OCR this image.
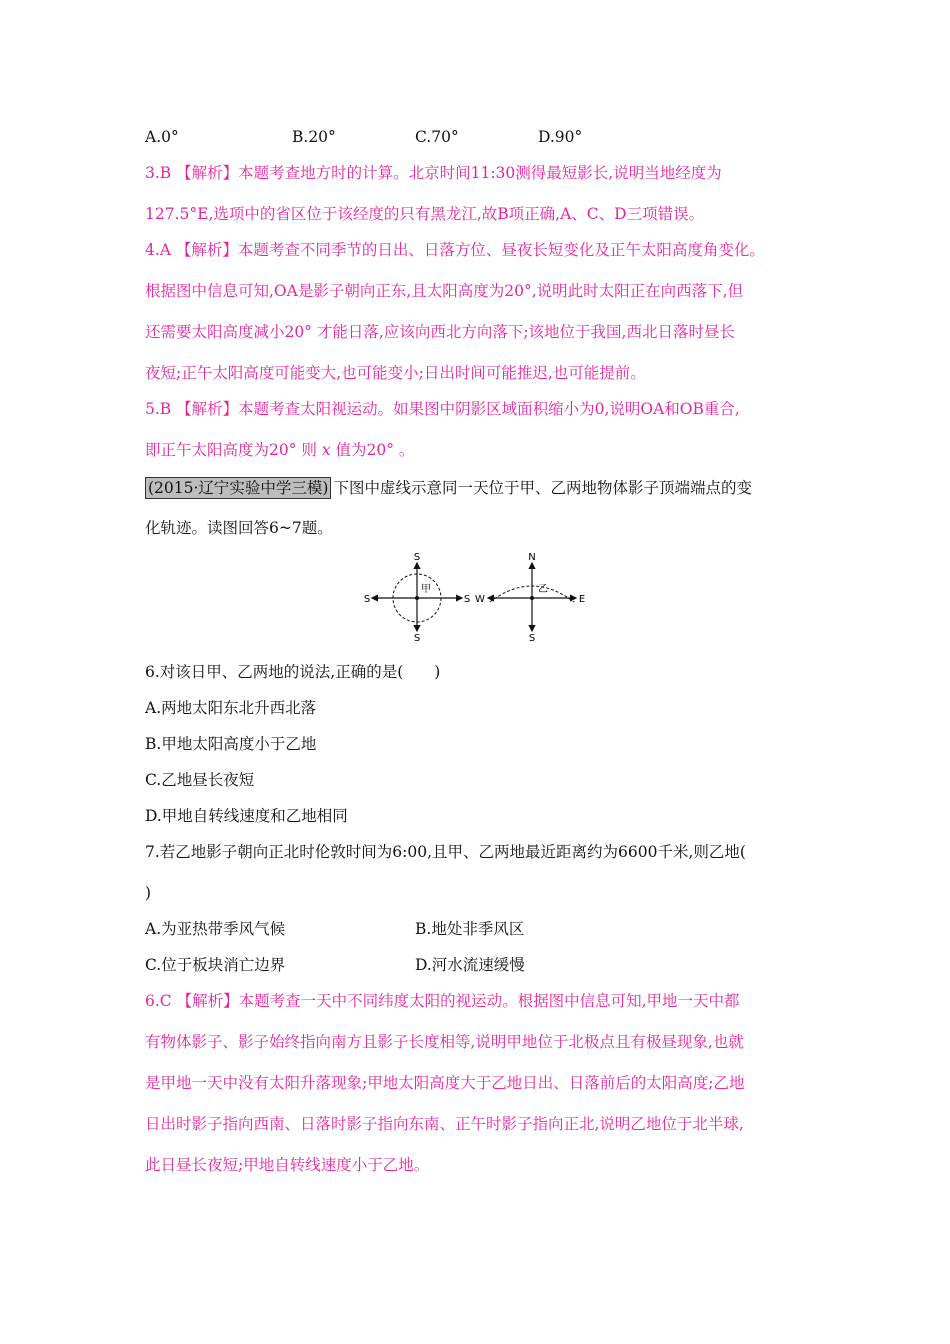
A.0°	B.20°	C.70°	D.90°
3.B 【解析】本题考查地方时的计算。北京时间11:30测得最短影长,说明当地经度为
127.5°E,选项中的省区位于该经度的只有黑龙江,故B项正确,A、C、D三项错误。
4.A 【解析】本题考查不同季节的日出、日落方位、昼夜长短变化及正午太阳高度角变化。
根据图中信息可知,OA是影子朝向正东,且太阳高度为20°,说明此时太阳正在向西落下,但
还需要太阳高度减小20° 才能日落,应该向西北方向落下;该地位于我国,西北日落时昼长
夜短;正午太阳高度可能变大,也可能变小;日出时间可能推迟,也可能提前。
5.B 【解析】本题考查太阳视运动。如果图中阴影区域面积缩小为0,说明OA和OB重合,
即正午太阳高度为20° 则 x 值为20° 。
(2015·辽宁实验中学三模) 下图中虚线示意同一天位于甲、乙两地物体影子顶端端点的变
化轨迹。读图回答6~7题。
S
S
S	S
甲
N
S
W	E
乙
6.对该日甲、乙两地的说法,正确的是(　　)
A.两地太阳东北升西北落
B.甲地太阳高度小于乙地
C.乙地昼长夜短
D.甲地自转线速度和乙地相同
7.若乙地影子朝向正北时伦敦时间为6:00,且甲、乙两地最近距离约为6600千米,则乙地(
)
A.为亚热带季风气候	B.地处非季风区
C.位于板块消亡边界	D.河水流速缓慢
6.C 【解析】本题考查一天中不同纬度太阳的视运动。根据图中信息可知,甲地一天中都
有物体影子、影子始终指向南方且影子长度相等,说明甲地位于北极点且有极昼现象,也就
是甲地一天中没有太阳升落现象;甲地太阳高度大于乙地日出、日落前后的太阳高度;乙地
日出时影子指向西南、日落时影子指向东南、正午时影子指向正北,说明乙地位于北半球,
此日昼长夜短;甲地自转线速度小于乙地。
